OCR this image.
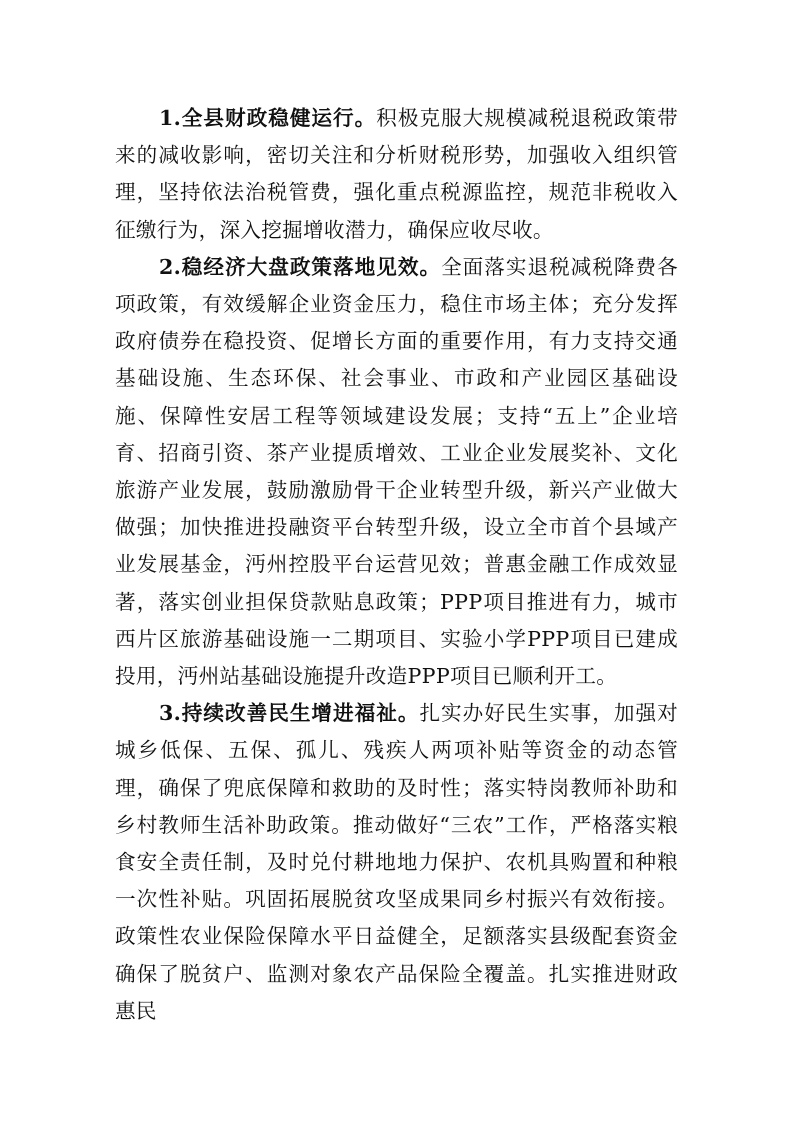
1.全县财政稳健运行。积极克服大规模减税退税政策带来的减收影响，密切关注和分析财税形势，加强收入组织管理，坚持依法治税管费，强化重点税源监控，规范非税收入征缴行为，深入挖掘增收潜力，确保应收尽收。

2.稳经济大盘政策落地见效。全面落实退税减税降费各项政策，有效缓解企业资金压力，稳住市场主体；充分发挥政府债券在稳投资、促增长方面的重要作用，有力支持交通基础设施、生态环保、社会事业、市政和产业园区基础设施、保障性安居工程等领域建设发展；支持“五上”企业培育、招商引资、茶产业提质增效、工业企业发展奖补、文化旅游产业发展，鼓励激励骨干企业转型升级，新兴产业做大做强；加快推进投融资平台转型升级，设立全市首个县域产业发展基金，沔州控股平台运营见效；普惠金融工作成效显著，落实创业担保贷款贴息政策；PPP项目推进有力，城市西片区旅游基础设施一二期项目、实验小学PPP项目已建成投用，沔州站基础设施提升改造PPP项目已顺利开工。

3.持续改善民生增进福祉。扎实办好民生实事，加强对城乡低保、五保、孤儿、残疾人两项补贴等资金的动态管理，确保了兜底保障和救助的及时性；落实特岗教师补助和乡村教师生活补助政策。推动做好“三农”工作，严格落实粮食安全责任制，及时兑付耕地地力保护、农机具购置和种粮一次性补贴。巩固拓展脱贫攻坚成果同乡村振兴有效衔接。政策性农业保险保障水平日益健全，足额落实县级配套资金确保了脱贫户、监测对象农产品保险全覆盖。扎实推进财政惠民
